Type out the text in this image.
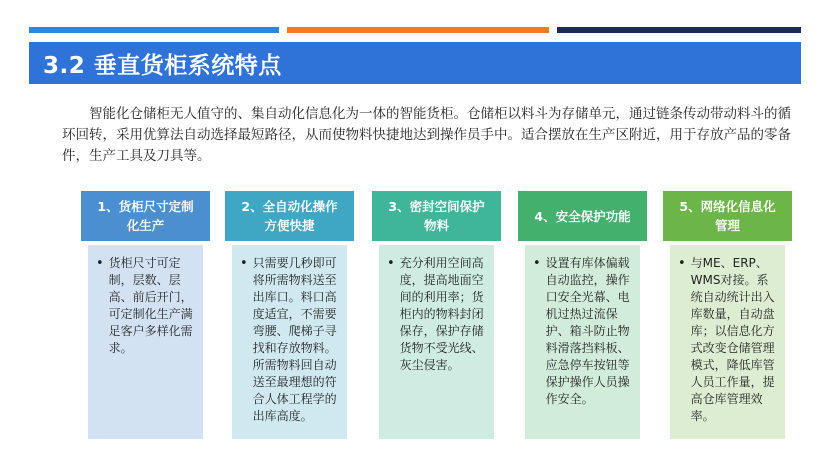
3.2 垂直货柜系统特点

智能化仓储柜无人值守的、集自动化信息化为一体的智能货柜。仓储柜以料斗为存储单元，通过链条传动带动料斗的循环回转，采用优算法自动选择最短路径，从而使物料快捷地达到操作员手中。适合摆放在生产区附近，用于存放产品的零备件，生产工具及刀具等。

1、货柜尺寸定制化生产
• 货柜尺寸可定制，层数、层高、前后开门，可定制化生产满足客户多样化需求。
2、全自动化操作方便快捷
• 只需要几秒即可将所需物料送至出库口。料口高度适宜，不需要弯腰、爬梯子寻找和存放物料。所需物料回自动送至最理想的符合人体工程学的出库高度。
3、密封空间保护物料
• 充分利用空间高度，提高地面空间的利用率；货柜内的物料封闭保存，保护存储货物不受光线、灰尘侵害。
4、安全保护功能
• 设置有库体偏载自动监控，操作口安全光幕、电机过热过流保护、箱斗防止物料滑落挡料板、应急停车按钮等保护操作人员操作安全。
5、网络化信息化管理
• 与ME、ERP、WMS对接。系统自动统计出入库数量，自动盘库；以信息化方式改变仓储管理模式，降低库管人员工作量，提高仓库管理效率。
